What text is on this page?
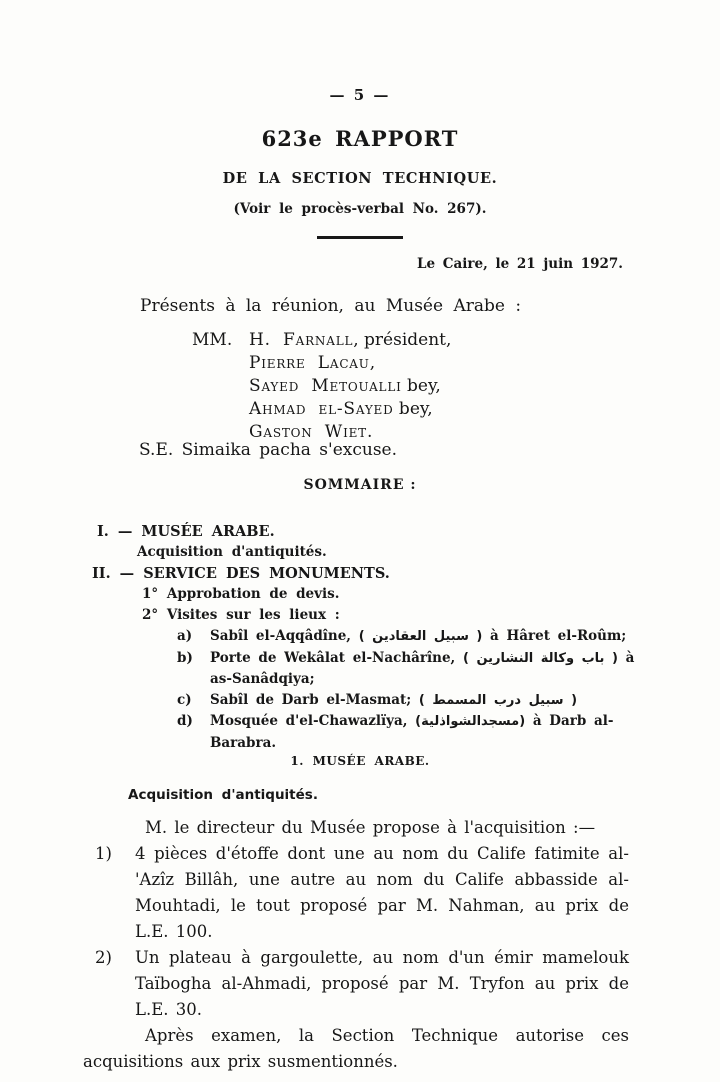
— 5 —
623e RAPPORT
DE LA SECTION TECHNIQUE.
(Voir le procès-verbal No. 267).
Le Caire, le 21 juin 1927.
Présents à la réunion, au Musée Arabe :
MM. H. Farnall, président,
Pierre Lacau,
Sayed Metoualli bey,
Ahmad el-Sayed bey,
Gaston Wiet.
S.E. Simaika pacha s'excuse.
SOMMAIRE :
I. — MUSÉE ARABE.
Acquisition d'antiquités.
II. — SERVICE DES MONUMENTS.
1° Approbation de devis.
2° Visites sur les lieux :
a) Sabîl el-Aqqâdîne, ( سبيل العقادين ) à Hâret el-Roûm;
b) Porte de Wekâlat el-Nachârîne, ( باب وكالة النشارين ) à as-Sanâdqiya;
c) Sabîl de Darb el-Masmat; ( سبيل درب المسمط )
d) Mosquée d'el-Chawazlïya, (مسجدالشواذلية) à Darb al-Barabra.
1. MUSÉE ARABE.
Acquisition d'antiquités.

M. le directeur du Musée propose à l'acquisition :—

1) 4 pièces d'étoffe dont une au nom du Calife fatimite al-'Azîz Billâh, une autre au nom du Calife abbasside al-Mouhtadi, le tout proposé par M. Nahman, au prix de L.E. 100.
2) Un plateau à gargoulette, au nom d'un émir mamelouk Taïbogha al-Ahmadi, proposé par M. Tryfon au prix de L.E. 30.

Après examen, la Section Technique autorise ces acquisitions aux prix susmentionnés.
